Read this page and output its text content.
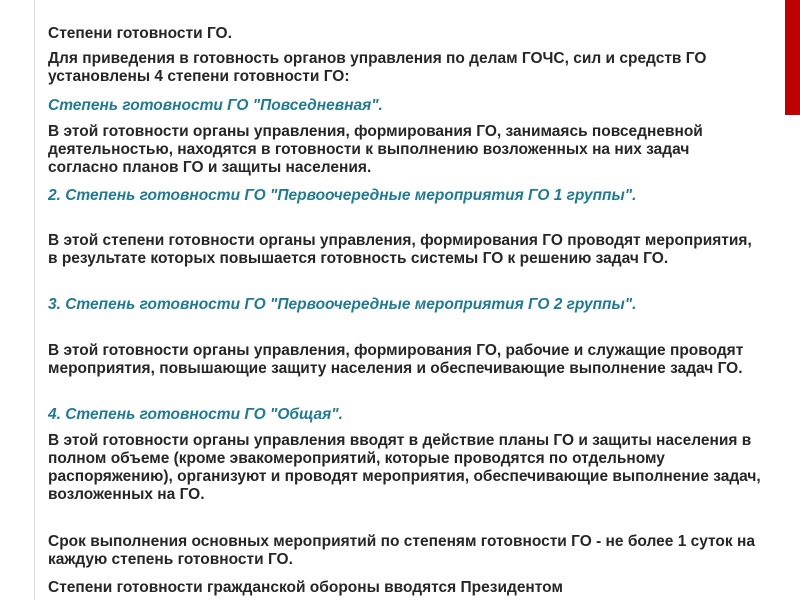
Степени готовности ГО.

Для приведения в готовность органов управления по делам ГОЧС, сил и средств ГО установлены 4 степени готовности ГО:

Степень готовности ГО "Повседневная".

В этой готовности органы управления, формирования ГО, занимаясь повседневной деятельностью, находятся в готовности к выполнению возложенных на них задач согласно планов ГО и защиты населения.

2. Степень готовности ГО "Первоочередные мероприятия ГО 1 группы".

В этой степени готовности органы управления, формирования ГО проводят мероприятия, в результате которых повышается готовность системы ГО к решению задач ГО.

3. Степень готовности ГО "Первоочередные мероприятия ГО 2 группы".

В этой готовности органы управления, формирования ГО, рабочие и служащие проводят мероприятия, повышающие защиту населения и обеспечивающие выполнение задач ГО.

4. Степень готовности ГО "Общая".

В этой готовности органы управления вводят в действие планы ГО и защиты населения в полном объеме (кроме эвакомероприятий, которые проводятся по отдельному распоряжению), организуют и проводят мероприятия, обеспечивающие выполнение задач, возложенных на ГО.

Срок выполнения основных мероприятий по степеням готовности ГО - не более 1 суток на каждую степень готовности ГО.

Степени готовности гражданской обороны вводятся Президентом
